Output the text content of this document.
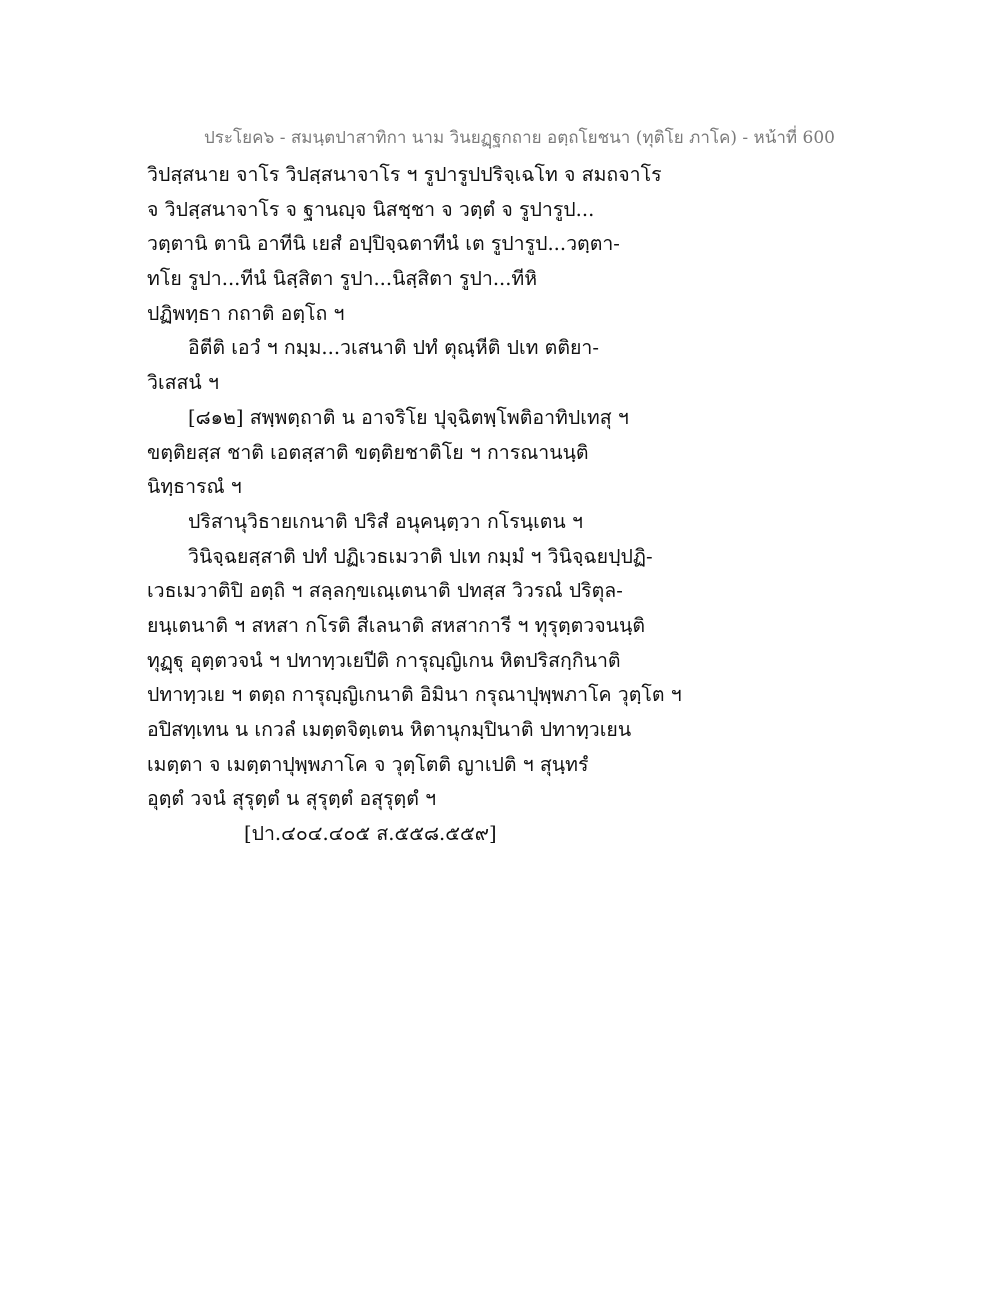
ประโยค๖ - สมนฺตปาสาทิกา นาม วินยฏฺฐกถาย อตฺถโยชนา (ทุติโย ภาโค) - หน้าที่ 600
วิปสฺสนาย จาโร วิปสฺสนาจาโร ฯ รูปารูปปริจฺเฉโท จ สมถจาโร
จ วิปสฺสนาจาโร จ ฐานญฺจ นิสชฺชา จ วตฺตํ จ รูปารูป...
วตฺตานิ ตานิ อาทีนิ เยสํ อปฺปิจฺฉตาทีนํ เต รูปารูป...วตฺตา-
ทโย รูปา...ทีนํ นิสฺสิตา รูปา...นิสฺสิตา รูปา...ทีหิ
ปฏิพทฺธา กถาติ อตฺโถ ฯ
อิตีติ เอวํ ฯ กมฺม...วเสนาติ ปทํ ตุณฺหีติ ปเท ตติยา-
วิเสสนํ ฯ
[๘๑๒] สพฺพตฺถาติ น อาจริโย ปุจฺฉิตพฺโพติอาทิปเทสุ ฯ
ขตฺติยสฺส ชาติ เอตสฺสาติ ขตฺติยชาติโย ฯ การณานนฺติ
นิทฺธารณํ ฯ
ปริสานุวิธายเกนาติ ปริสํ อนุคนฺตฺวา กโรนฺเตน ฯ
วินิจฺฉยสฺสาติ ปทํ ปฏิเวธเมวาติ ปเท กมฺมํ ฯ วินิจฺฉยปฺปฏิ-
เวธเมวาติปิ อตฺถิ ฯ สลฺลกฺขเณฺเตนาติ ปทสฺส วิวรณํ ปริตุล-
ยนฺเตนาติ ฯ สหสา กโรติ สีเลนาติ สหสาการี ฯ ทุรุตฺตวจนนฺติ
ทุฏฺฐุ อุตฺตวจนํ ฯ ปทาทฺวเยปีติ การุญฺญิเกน หิตปริสกฺกินาติ
ปทาทฺวเย ฯ ตตฺถ การุญฺญิเกนาติ อิมินา กรุณาปุพฺพภาโค วุตฺโต ฯ
อปิสทฺเทน น เกวลํ เมตฺตจิตฺเตน หิตานุกมฺปินาติ ปทาทฺวเยน
เมตฺตา จ เมตฺตาปุพฺพภาโค จ วุตฺโตติ ญาเปติ ฯ สุนฺทรํ
อุตฺตํ วจนํ สุรุตฺตํ น สุรุตฺตํ อสุรุตฺตํ ฯ
[ปา.๔๐๔.๔๐๕ ส.๕๕๘.๕๕๙]
